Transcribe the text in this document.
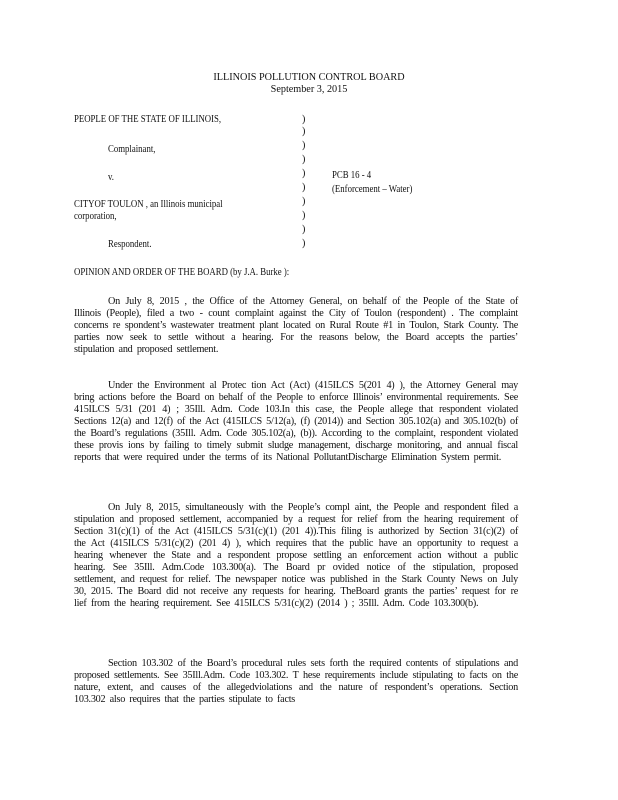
ILLINOIS POLLUTION CONTROL BOARD
September 3, 2015
PEOPLE OF THE STATE OF ILLINOIS,
Complainant,
v.
CITYOF TOULON , an Illinois municipal
corporation,
Respondent.
PCB 16 - 4
(Enforcement – Water)
)
)
)
)
)
)
)
)
)
)
OPINION AND ORDER OF THE BOARD (by J.A. Burke ):

On July 8, 2015 , the Office of the Attorney General, on behalf of the People of the State of Illinois (People), filed a two - count complaint against the City of Toulon (respondent) . The complaint concerns re spondent’s wastewater treatment plant located on Rural Route #1 in Toulon, Stark County. The parties now seek to settle without a hearing. For the reasons below, the Board accepts the parties’ stipulation and proposed settlement.

Under the Environment al Protec tion Act (Act) (415ILCS 5(201 4) ), the Attorney General may bring actions before the Board on behalf of the People to enforce Illinois’ environmental requirements. See 415ILCS 5/31 (201 4) ; 35Ill. Adm. Code 103.In this case, the People allege that respondent violated Sections 12(a) and 12(f) of the Act (415ILCS 5/12(a), (f) (2014)) and Section 305.102(a) and 305.102(b) of the Board’s regulations (35Ill. Adm. Code 305.102(a), (b)). According to the complaint, respondent violated these provis ions by failing to timely submit sludge management, discharge monitoring, and annual fiscal reports that were required under the terms of its National PollutantDischarge Elimination System permit.

On July 8, 2015, simultaneously with the People’s compl aint, the People and respondent filed a stipulation and proposed settlement, accompanied by a request for relief from the hearing requirement of Section 31(c)(1) of the Act (415ILCS 5/31(c)(1) (201 4)).This filing is authorized by Section 31(c)(2) of the Act (415ILCS 5/31(c)(2) (201 4) ), which requires that the public have an opportunity to request a hearing whenever the State and a respondent propose settling an enforcement action without a public hearing. See 35Ill. Adm.Code 103.300(a). The Board pr ovided notice of the stipulation, proposed settlement, and request for relief. The newspaper notice was published in the Stark County News on July 30, 2015. The Board did not receive any requests for hearing. TheBoard grants the parties’ request for re lief from the hearing requirement. See 415ILCS 5/31(c)(2) (2014 ) ; 35Ill. Adm. Code 103.300(b).

Section 103.302 of the Board’s procedural rules sets forth the required contents of stipulations and proposed settlements. See 35Ill.Adm. Code 103.302. T hese requirements include stipulating to facts on the nature, extent, and causes of the allegedviolations and the nature of respondent’s operations. Section 103.302 also requires that the parties stipulate to facts
